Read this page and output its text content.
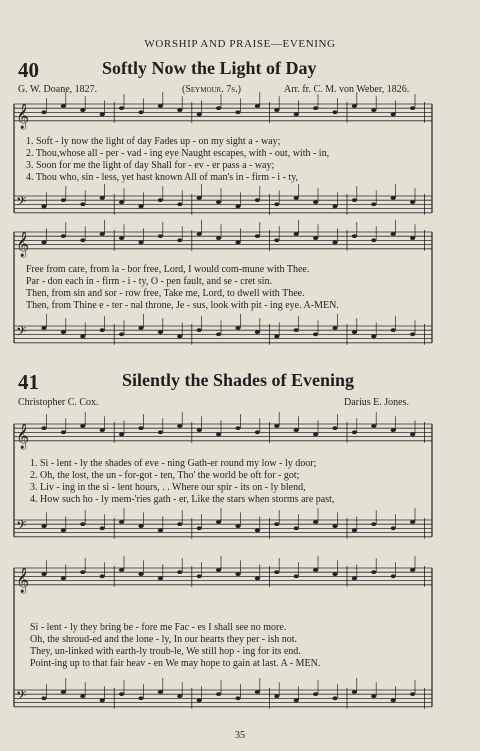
𝄞
𝄢
𝄞
𝄢
𝄞
𝄢
𝄞
𝄢
WORSHIP AND PRAISE—EVENING
40	Softly Now the Light of Day
G. W. Doane, 1827.	(Seymour. 7s.)	Arr. fr. C. M. von Weber, 1826.
1. Soft - ly now the light of day Fades up - on my sight a - way;
2. Thou,whose all - per - vad - ing eye Naught escapes, with - out, with - in,
3. Soon for me the light of day Shall for - ev - er pass a - way;
4. Thou who, sin - less, yet hast known All of man's in - firm - i - ty,
Free from care, from la - bor free, Lord, I would com-mune with Thee.
Par - don each in - firm - i - ty, O - pen fault, and se - cret sin.
Then, from sin and sor - row free, Take me, Lord, to dwell with Thee.
Then, from Thine e - ter - nal throne, Je - sus, look with pit - ing eye. A-MEN.
41	Silently the Shades of Evening
Christopher C. Cox.	Darius E. Jones.
1. Si - lent - ly the shades of eve - ning Gath-er round my low - ly door;
2. Oh, the lost, the un - for-got - ten, Tho' the world be oft for - got;
3. Liv - ing in the si - lent hours, . . Where our spir - its on - ly blend,
4. How such ho - ly mem-'ries gath - er, Like the stars when storms are past,
Si - lent - ly they bring be - fore me Fac - es I shall see no more.
Oh, the shroud-ed and the lone - ly, In our hearts they per - ish not.
They, un-linked with earth-ly troub-le, We still hop - ing for its end.
Point-ing up to that fair heav - en We may hope to gain at last. A - MEN.
35
